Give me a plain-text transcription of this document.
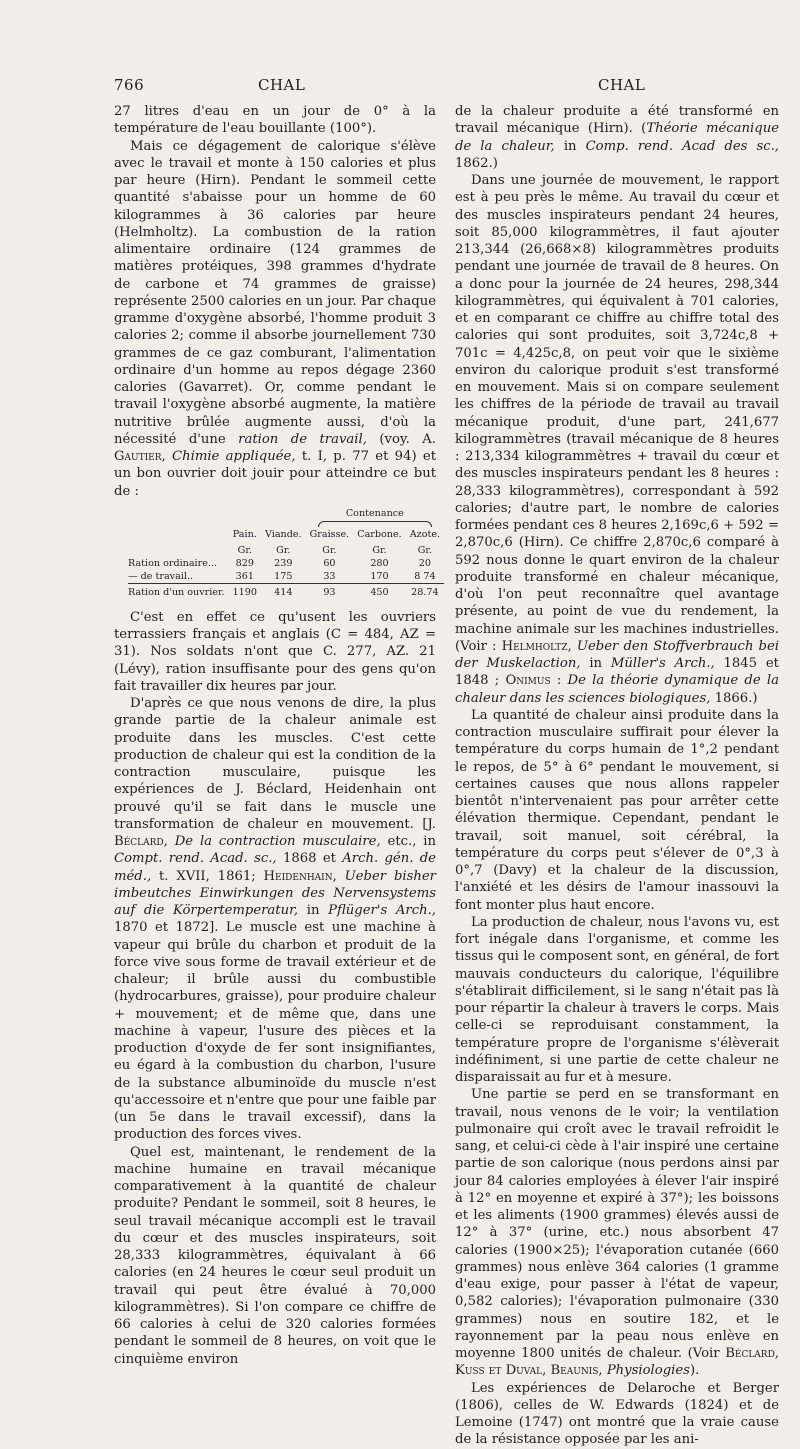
766	CHAL	CHAL

27 litres d'eau en un jour de 0° à la température de l'eau bouillante (100°).

Mais ce dégagement de calorique s'élève avec le travail et monte à 150 calories et plus par heure (Hirn). Pendant le sommeil cette quantité s'abaisse pour un homme de 60 kilogrammes à 36 calories par heure (Helmholtz). La combustion de la ration alimentaire ordinaire (124 grammes de matières protéiques, 398 grammes d'hydrate de carbone et 74 grammes de graisse) représente 2500 calories en un jour. Par chaque gramme d'oxygène absorbé, l'homme produit 3 calories 2; comme il absorbe journellement 730 grammes de ce gaz comburant, l'alimentation ordinaire d'un homme au repos dégage 2360 calories (Gavarret). Or, comme pendant le travail l'oxygène absorbé augmente, la matière nutritive brûlée augmente aussi, d'où la nécessité d'une ration de travail, (voy. A. Gautier, Chimie appliquée, t. I, p. 77 et 94) et un bon ouvrier doit jouir pour atteindre ce but de :

			Contenance		

	Pain.	Viande.	Graisse.	Carbone.	Azote.
	Gr.	Gr.	Gr.	Gr.	Gr.
Ration ordinaire...	829	239	60	280	20
— de travail..	361	175	33	170	8 74
Ration d'un ouvrier.	1190	414	93	450	28.74

C'est en effet ce qu'usent les ouvriers terrassiers français et anglais (C = 484, AZ = 31). Nos soldats n'ont que C. 277, AZ. 21 (Lévy), ration insuffisante pour des gens qu'on fait travailler dix heures par jour.

D'après ce que nous venons de dire, la plus grande partie de la chaleur animale est produite dans les muscles. C'est cette production de chaleur qui est la condition de la contraction musculaire, puisque les expériences de J. Béclard, Heidenhain ont prouvé qu'il se fait dans le muscle une transformation de chaleur en mouvement. [J. Béclard, De la contraction musculaire, etc., in Compt. rend. Acad. sc., 1868 et Arch. gén. de méd., t. XVII, 1861; Heidenhain, Ueber bisher imbeutches Einwirkungen des Nervensystems auf die Körpertemperatur, in Pflüger's Arch., 1870 et 1872]. Le muscle est une machine à vapeur qui brûle du charbon et produit de la force vive sous forme de travail extérieur et de chaleur; il brûle aussi du combustible (hydrocarbures, graisse), pour produire chaleur + mouvement; et de même que, dans une machine à vapeur, l'usure des pièces et la production d'oxyde de fer sont insignifiantes, eu égard à la combustion du charbon, l'usure de la substance albuminoïde du muscle n'est qu'accessoire et n'entre que pour une faible par (un 5e dans le travail excessif), dans la production des forces vives.

Quel est, maintenant, le rendement de la machine humaine en travail mécanique comparativement à la quantité de chaleur produite? Pendant le sommeil, soit 8 heures, le seul travail mécanique accompli est le travail du cœur et des muscles inspirateurs, soit 28,333 kilogrammètres, équivalant à 66 calories (en 24 heures le cœur seul produit un travail qui peut être évalué à 70,000 kilogrammètres). Si l'on compare ce chiffre de 66 calories à celui de 320 calories formées pendant le sommeil de 8 heures, on voit que le cinquième environ

de la chaleur produite a été transformé en travail mécanique (Hirn). (Théorie mécanique de la chaleur, in Comp. rend. Acad des sc., 1862.)

Dans une journée de mouvement, le rapport est à peu près le même. Au travail du cœur et des muscles inspirateurs pendant 24 heures, soit 85,000 kilogrammètres, il faut ajouter 213,344 (26,668×8) kilogrammètres produits pendant une journée de travail de 8 heures. On a donc pour la journée de 24 heures, 298,344 kilogrammètres, qui équivalent à 701 calories, et en comparant ce chiffre au chiffre total des calories qui sont produites, soit 3,724c,8 + 701c = 4,425c,8, on peut voir que le sixième environ du calorique produit s'est transformé en mouvement. Mais si on compare seulement les chiffres de la période de travail au travail mécanique produit, d'une part, 241,677 kilogrammètres (travail mécanique de 8 heures : 213,334 kilogrammètres + travail du cœur et des muscles inspirateurs pendant les 8 heures : 28,333 kilogrammètres), correspondant à 592 calories; d'autre part, le nombre de calories formées pendant ces 8 heures 2,169c,6 + 592 = 2,870c,6 (Hirn). Ce chiffre 2,870c,6 comparé à 592 nous donne le quart environ de la chaleur produite transformé en chaleur mécanique, d'où l'on peut reconnaître quel avantage présente, au point de vue du rendement, la machine animale sur les machines industrielles. (Voir : Helmholtz, Ueber den Stoffverbrauch bei der Muskelaction, in Müller's Arch., 1845 et 1848 ; Onimus : De la théorie dynamique de la chaleur dans les sciences biologiques, 1866.)

La quantité de chaleur ainsi produite dans la contraction musculaire suffirait pour élever la température du corps humain de 1°,2 pendant le repos, de 5° à 6° pendant le mouvement, si certaines causes que nous allons rappeler bientôt n'intervenaient pas pour arrêter cette élévation thermique. Cependant, pendant le travail, soit manuel, soit cérébral, la température du corps peut s'élever de 0°,3 à 0°,7 (Davy) et la chaleur de la discussion, l'anxiété et les désirs de l'amour inassouvi la font monter plus haut encore.

La production de chaleur, nous l'avons vu, est fort inégale dans l'organisme, et comme les tissus qui le composent sont, en général, de fort mauvais conducteurs du calorique, l'équilibre s'établirait difficilement, si le sang n'était pas là pour répartir la chaleur à travers le corps. Mais celle-ci se reproduisant constamment, la température propre de l'organisme s'élèverait indéfiniment, si une partie de cette chaleur ne disparaissait au fur et à mesure.

Une partie se perd en se transformant en travail, nous venons de le voir; la ventilation pulmonaire qui croît avec le travail refroidit le sang, et celui-ci cède à l'air inspiré une certaine partie de son calorique (nous perdons ainsi par jour 84 calories employées à élever l'air inspiré à 12° en moyenne et expiré à 37°); les boissons et les aliments (1900 grammes) élevés aussi de 12° à 37° (urine, etc.) nous absorbent 47 calories (1900×25); l'évaporation cutanée (660 grammes) nous enlève 364 calories (1 gramme d'eau exige, pour passer à l'état de vapeur, 0,582 calories); l'évaporation pulmonaire (330 grammes) nous en soutire 182, et le rayonnement par la peau nous enlève en moyenne 1800 unités de chaleur. (Voir Béclard, Kuss et Duval, Beaunis, Physiologies).

Les expériences de Delaroche et Berger (1806), celles de W. Edwards (1824) et de Lemoine (1747) ont montré que la vraie cause de la résistance opposée par les ani-
